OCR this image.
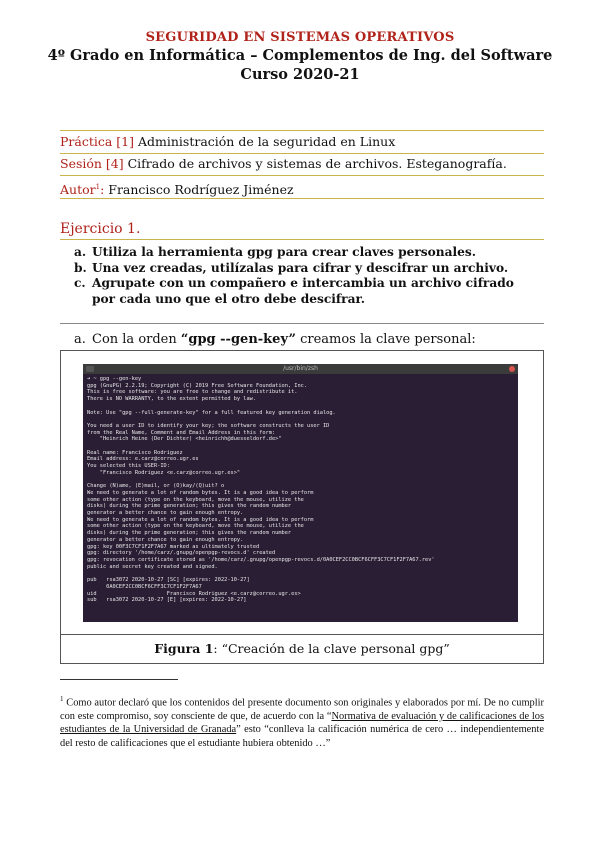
SEGURIDAD EN SISTEMAS OPERATIVOS
4º Grado en Informática – Complementos de Ing. del Software
Curso 2020-21
Práctica [1] Administración de la seguridad en Linux
Sesión [4] Cifrado de archivos y sistemas de archivos. Esteganografía.
Autor$^1$: Francisco Rodríguez Jiménez
Ejercicio 1.
a. Utiliza la herramienta gpg para crear claves personales.
b. Una vez creadas, utilízalas para cifrar y descifrar un archivo.
c. Agrupate con un compañero e intercambia un archivo cifrado por cada uno que el otro debe descifrar.
a. Con la orden “gpg --gen-key” creamos la clave personal:
/usr/bin/zsh
➜ ~ gpg --gen-key
gpg (GnuPG) 2.2.19; Copyright (C) 2019 Free Software Foundation, Inc.
This is free software: you are free to change and redistribute it.
There is NO WARRANTY, to the extent permitted by law.

Note: Use "gpg --full-generate-key" for a full featured key generation dialog.

You need a user ID to identify your key; the software constructs the user ID
from the Real Name, Comment and Email Address in this form:
"Heinrich Heine (Der Dichter) <heinrichh@duesseldorf.de>"

Real name: Francisco Rodriguez
Email address: e.carz@correo.ugr.es
You selected this USER-ID:
"Francisco Rodriguez <e.carz@correo.ugr.es>"

Change (N)ame, (E)mail, or (O)kay/(Q)uit? o
We need to generate a lot of random bytes. It is a good idea to perform
some other action (type on the keyboard, move the mouse, utilize the
disks) during the prime generation; this gives the random number
generator a better chance to gain enough entropy.
We need to generate a lot of random bytes. It is a good idea to perform
some other action (type on the keyboard, move the mouse, utilize the
disks) during the prime generation; this gives the random number
generator a better chance to gain enough entropy.
gpg: key 00F3C7CF1F2F7A67 marked as ultimately trusted
gpg: directory '/home/carz/.gnupg/openpgp-revocs.d' created
gpg: revocation certificate stored as '/home/carz/.gnupg/openpgp-revocs.d/0A0CEF2CC0BCF6CFF3C7CF1F2F7A67.rev'
public and secret key created and signed.

pub   rsa3072 2020-10-27 [SC] [expires: 2022-10-27]
0A0CEF2CC0BCF6CFF3C7CF1F2F7A67
uid                      Francisco Rodriguez <e.carz@correo.ugr.es>
sub   rsa3072 2020-10-27 [E] [expires: 2022-10-27]
Figura 1: “Creación de la clave personal gpg”
$^1$ Como autor declaró que los contenidos del presente documento son originales y elaborados por mí. De no cumplir con este compromiso, soy consciente de que, de acuerdo con la “Normativa de evaluación y de calificaciones de los estudiantes de la Universidad de Granada” esto “conlleva la calificación numérica de cero … independientemente del resto de calificaciones que el estudiante hubiera obtenido …”
